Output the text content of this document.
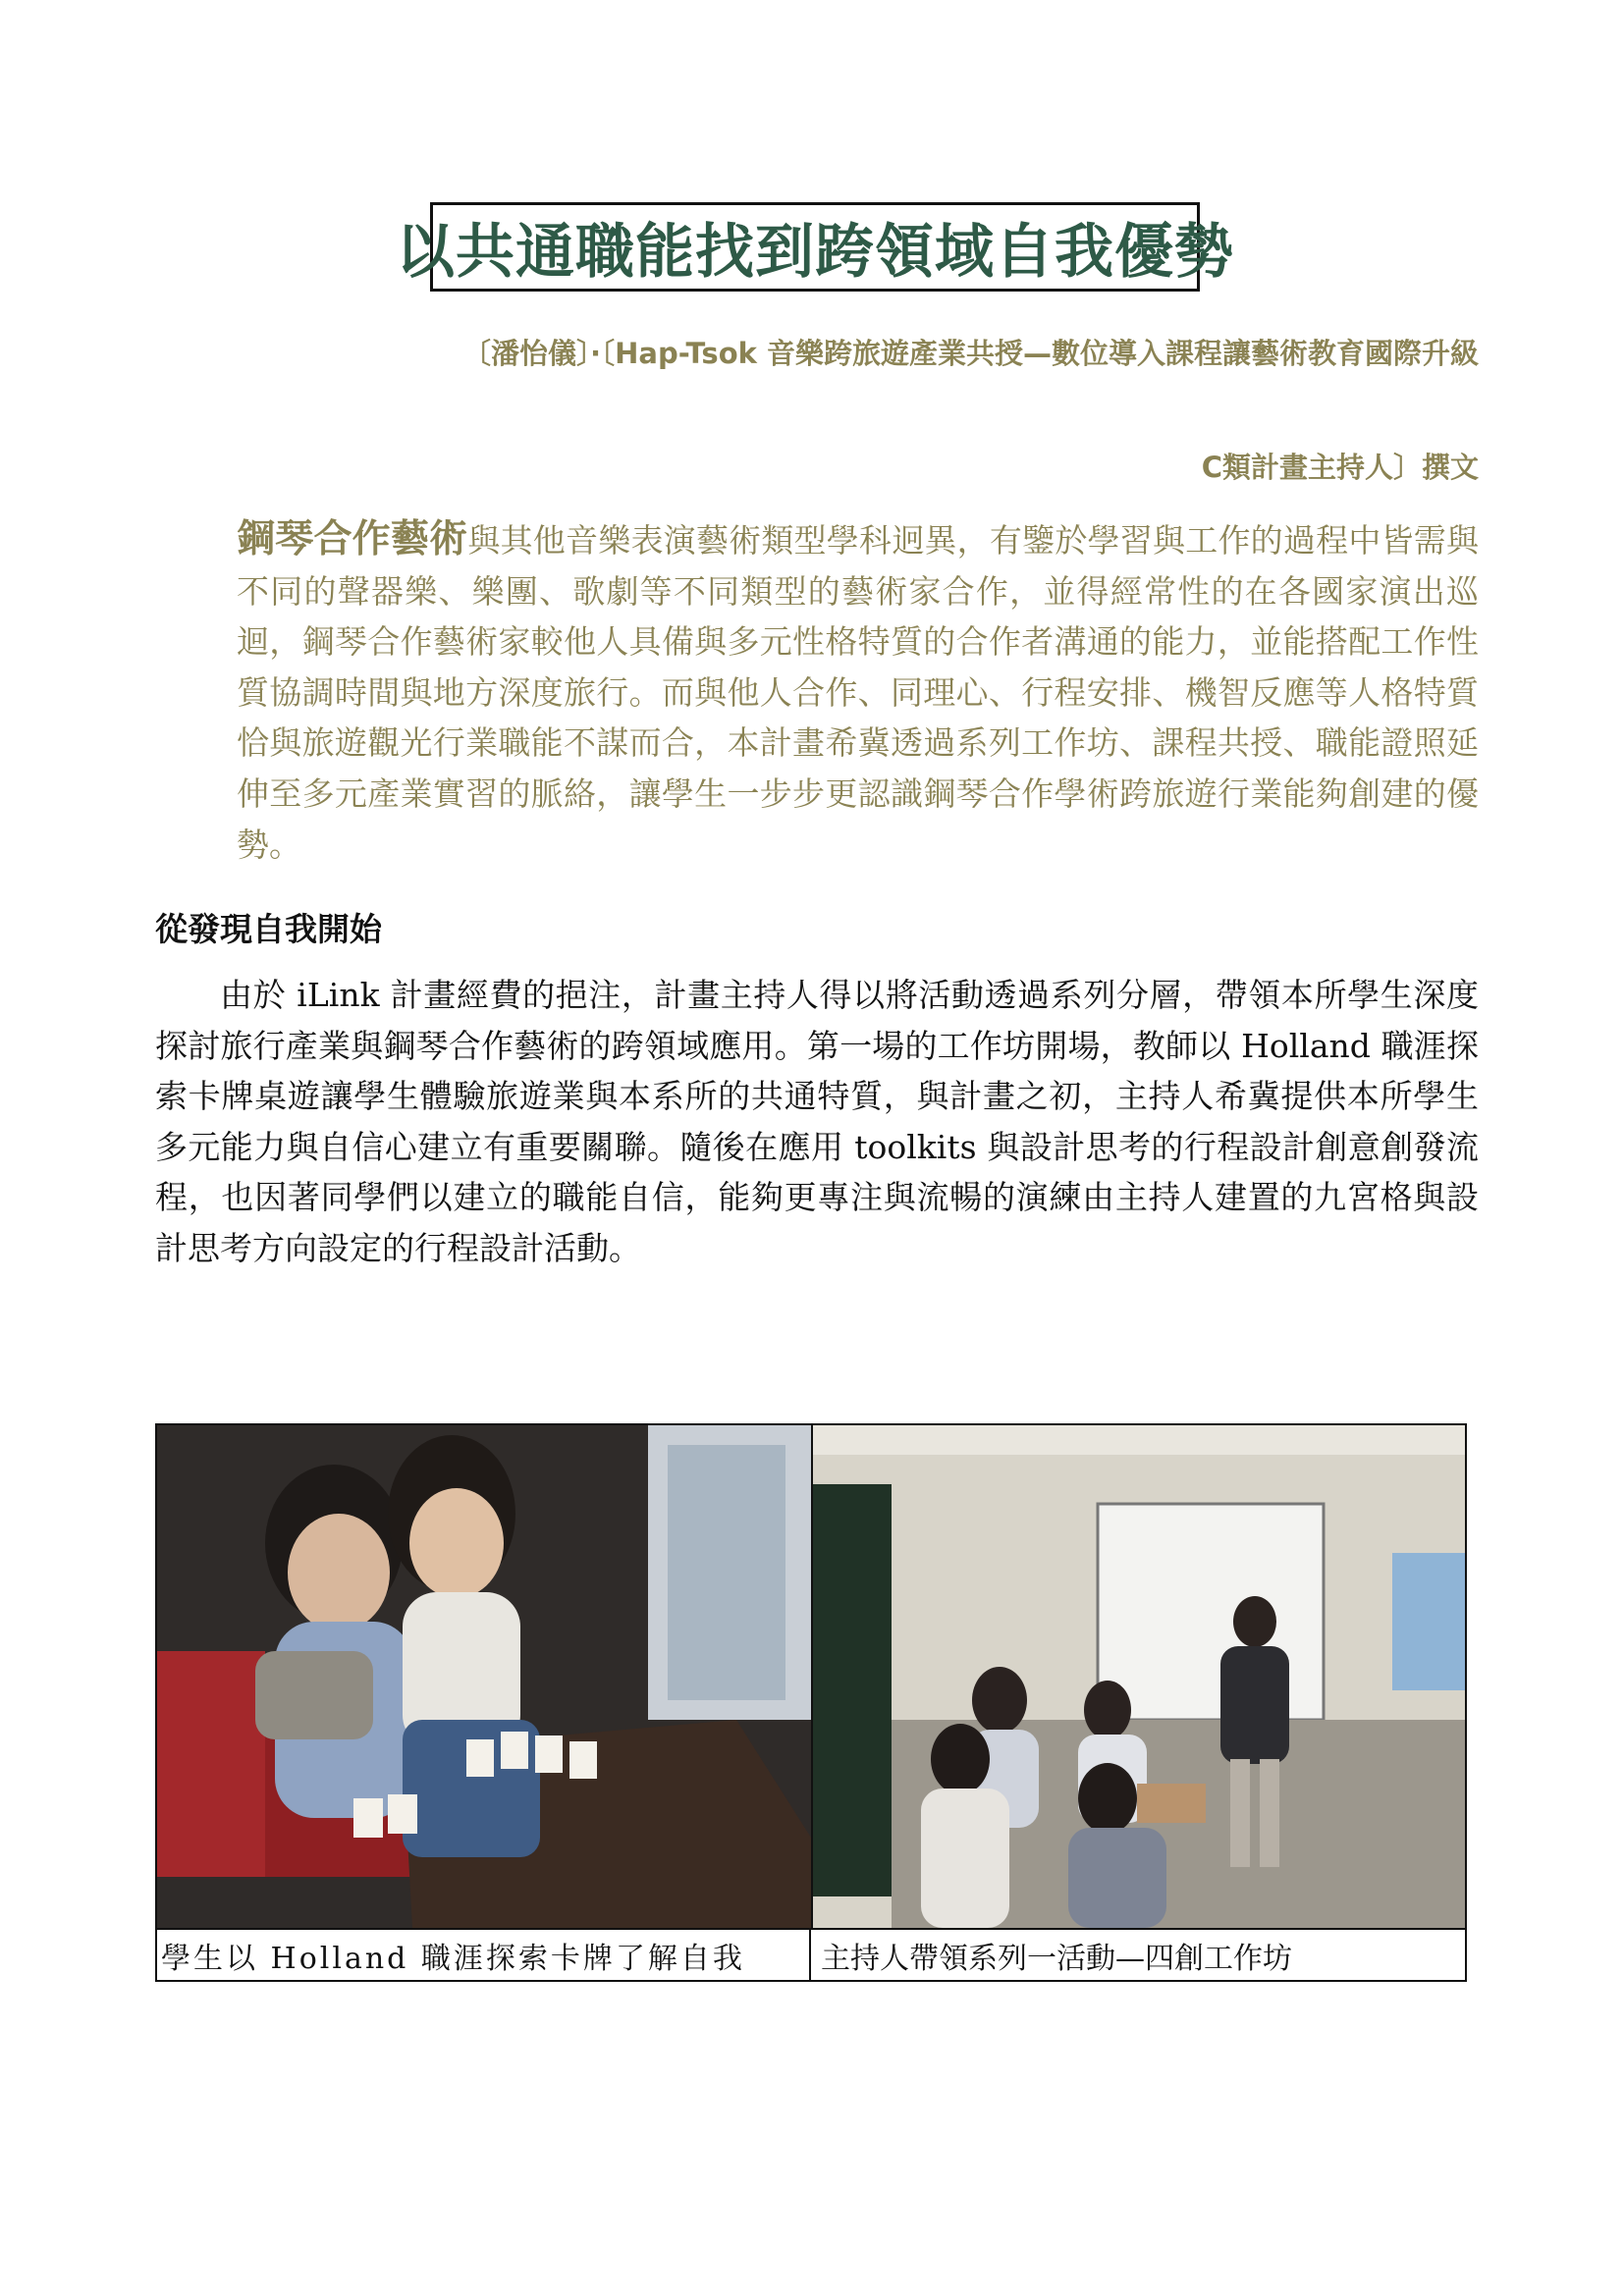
以共通職能找到跨領域自我優勢
〔潘怡儀〕‧〔Hap-Tsok 音樂跨旅遊產業共授—數位導入課程讓藝術教育國際升級
C類計畫主持人〕撰文
鋼琴合作藝術與其他音樂表演藝術類型學科迥異，有鑒於學習與工作的過程中皆需與不同的聲器樂、樂團、歌劇等不同類型的藝術家合作，並得經常性的在各國家演出巡迴，鋼琴合作藝術家較他人具備與多元性格特質的合作者溝通的能力，並能搭配工作性質協調時間與地方深度旅行。而與他人合作、同理心、行程安排、機智反應等人格特質恰與旅遊觀光行業職能不謀而合，本計畫希冀透過系列工作坊、課程共授、職能證照延伸至多元產業實習的脈絡，讓學生一步步更認識鋼琴合作學術跨旅遊行業能夠創建的優勢。
從發現自我開始
由於 iLink 計畫經費的挹注，計畫主持人得以將活動透過系列分層，帶領本所學生深度探討旅行產業與鋼琴合作藝術的跨領域應用。第一場的工作坊開場，教師以 Holland 職涯探索卡牌桌遊讓學生體驗旅遊業與本系所的共通特質，與計畫之初，主持人希冀提供本所學生多元能力與自信心建立有重要關聯。隨後在應用 toolkits 與設計思考的行程設計創意創發流程，也因著同學們以建立的職能自信，能夠更專注與流暢的演練由主持人建置的九宮格與設計思考方向設定的行程設計活動。
學生以 Holland 職涯探索卡牌了解自我	主持人帶領系列一活動—四創工作坊
